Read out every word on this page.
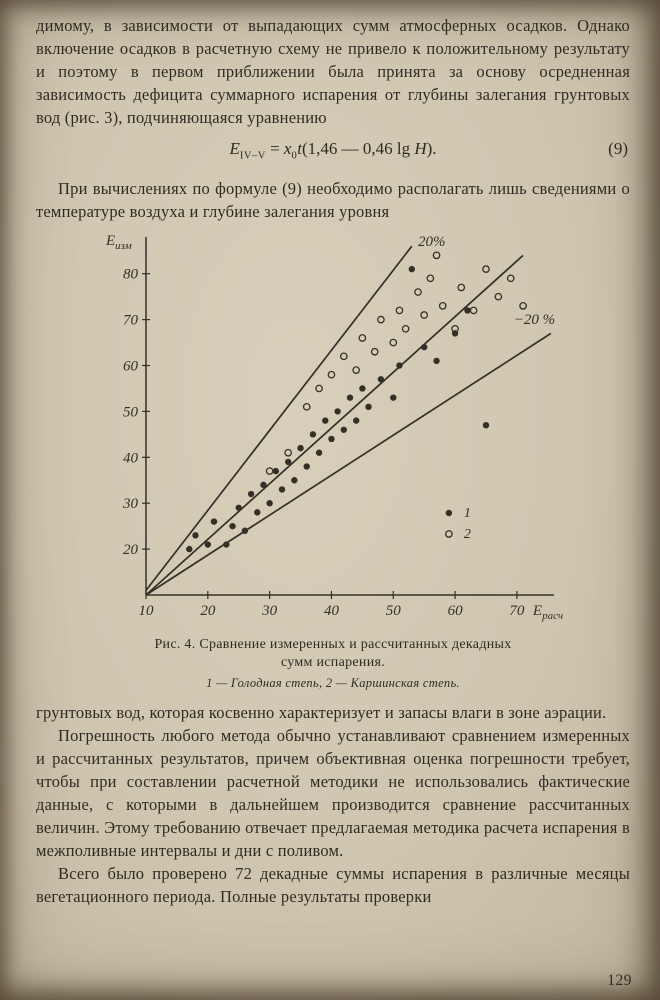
димому, в зависимости от выпадающих сумм атмосферных осадков. Однако включение осадков в расчетную схему не привело к положительному результату и поэтому в первом приближении была принята за основу осредненная зависимость дефицита суммарного испарения от глубины залегания грунтовых вод (рис. 3), подчиняющаяся уравнению

$E_{IV-V} = x_0t(1,46$ — 0,46 lg H).	(9)

При вычислениях по формуле (9) необходимо располагать лишь сведениями о температуре воздуха и глубине залегания уровня

20
30
40
50
60
70
80
10	20	30	40	50	60	70
$Е_{изм}$
$Е_{расч}$
20%
−20 %
1
2
Рис. 4. Сравнение измеренных и рассчитанных декадных
сумм испарения.
1 — Голодная степь, 2 — Каршинская степь.

грунтовых вод, которая косвенно характеризует и запасы влаги в зоне аэрации.

Погрешность любого метода обычно устанавливают сравнением измеренных и рассчитанных результатов, причем объективная оценка погрешности требует, чтобы при составлении расчетной методики не использовались фактические данные, с которыми в дальнейшем производится сравнение рассчитанных величин. Этому требованию отвечает предлагаемая методика расчета испарения в межполивные интервалы и дни с поливом.

Всего было проверено 72 декадные суммы испарения в различные месяцы вегетационного периода. Полные результаты проверки

129
